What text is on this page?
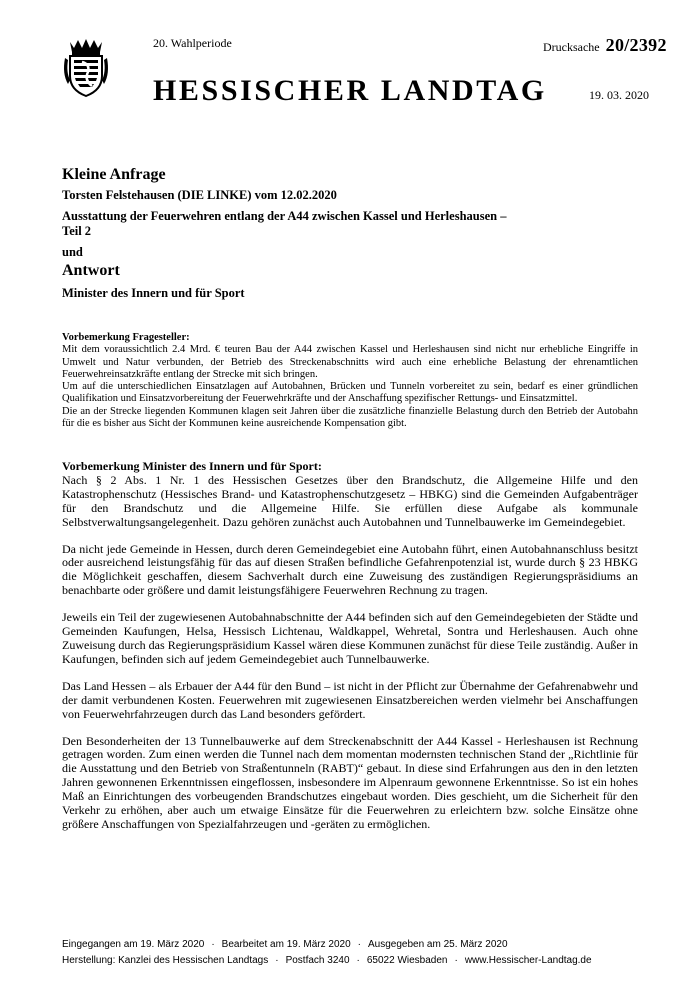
20. Wahlperiode	Drucksache 20/2392
HESSISCHER LANDTAG	19. 03. 2020
Kleine Anfrage
Torsten Felstehausen (DIE LINKE) vom 12.02.2020
Ausstattung der Feuerwehren entlang der A44 zwischen Kassel und Herleshausen –
Teil 2
und
Antwort
Minister des Innern und für Sport

Vorbemerkung Fragesteller:

Mit dem voraussichtlich 2.4 Mrd. € teuren Bau der A44 zwischen Kassel und Herleshausen sind nicht nur erhebliche Eingriffe in Umwelt und Natur verbunden, der Betrieb des Streckenabschnitts wird auch eine erhebliche Belastung der ehrenamtlichen Feuerwehreinsatzkräfte entlang der Strecke mit sich bringen.

Um auf die unterschiedlichen Einsatzlagen auf Autobahnen, Brücken und Tunneln vorbereitet zu sein, bedarf es einer gründlichen Qualifikation und Einsatzvorbereitung der Feuerwehrkräfte und der Anschaffung spezifischer Rettungs- und Einsatzmittel.

Die an der Strecke liegenden Kommunen klagen seit Jahren über die zusätzliche finanzielle Belastung durch den Betrieb der Autobahn für die es bisher aus Sicht der Kommunen keine ausreichende Kompensation gibt.

Vorbemerkung Minister des Innern und für Sport:

Nach § 2 Abs. 1 Nr. 1 des Hessischen Gesetzes über den Brandschutz, die Allgemeine Hilfe und den Katastrophenschutz (Hessisches Brand- und Katastrophenschutzgesetz – HBKG) sind die Gemeinden Aufgabenträger für den Brandschutz und die Allgemeine Hilfe. Sie erfüllen diese Aufgabe als kommunale Selbstverwaltungsangelegenheit. Dazu gehören zunächst auch Autobahnen und Tunnelbauwerke im Gemeindegebiet.

Da nicht jede Gemeinde in Hessen, durch deren Gemeindegebiet eine Autobahn führt, einen Autobahnanschluss besitzt oder ausreichend leistungsfähig für das auf diesen Straßen befindliche Gefahrenpotenzial ist, wurde durch § 23 HBKG die Möglichkeit geschaffen, diesem Sachverhalt durch eine Zuweisung des zuständigen Regierungspräsidiums an benachbarte oder größere und damit leistungsfähigere Feuerwehren Rechnung zu tragen.

Jeweils ein Teil der zugewiesenen Autobahnabschnitte der A44 befinden sich auf den Gemeindegebieten der Städte und Gemeinden Kaufungen, Helsa, Hessisch Lichtenau, Waldkappel, Wehretal, Sontra und Herleshausen. Auch ohne Zuweisung durch das Regierungspräsidium Kassel wären diese Kommunen zunächst für diese Teile zuständig. Außer in Kaufungen, befinden sich auf jedem Gemeindegebiet auch Tunnelbauwerke.

Das Land Hessen – als Erbauer der A44 für den Bund – ist nicht in der Pflicht zur Übernahme der Gefahrenabwehr und der damit verbundenen Kosten. Feuerwehren mit zugewiesenen Einsatzbereichen werden vielmehr bei Anschaffungen von Feuerwehrfahrzeugen durch das Land besonders gefördert.

Den Besonderheiten der 13 Tunnelbauwerke auf dem Streckenabschnitt der A44 Kassel - Herleshausen ist Rechnung getragen worden. Zum einen werden die Tunnel nach dem momentan modernsten technischen Stand der „Richtlinie für die Ausstattung und den Betrieb von Straßentunneln (RABT)“ gebaut. In diese sind Erfahrungen aus den in den letzten Jahren gewonnenen Erkenntnissen eingeflossen, insbesondere im Alpenraum gewonnene Erkenntnisse. So ist ein hohes Maß an Einrichtungen des vorbeugenden Brandschutzes eingebaut worden. Dies geschieht, um die Sicherheit für den Verkehr zu erhöhen, aber auch um etwaige Einsätze für die Feuerwehren zu erleichtern bzw. solche Einsätze ohne größere Anschaffungen von Spezialfahrzeugen und -geräten zu ermöglichen.

Eingegangen am 19. März 2020 · Bearbeitet am 19. März 2020 · Ausgegeben am 25. März 2020
Herstellung: Kanzlei des Hessischen Landtags · Postfach 3240 · 65022 Wiesbaden · www.Hessischer-Landtag.de
